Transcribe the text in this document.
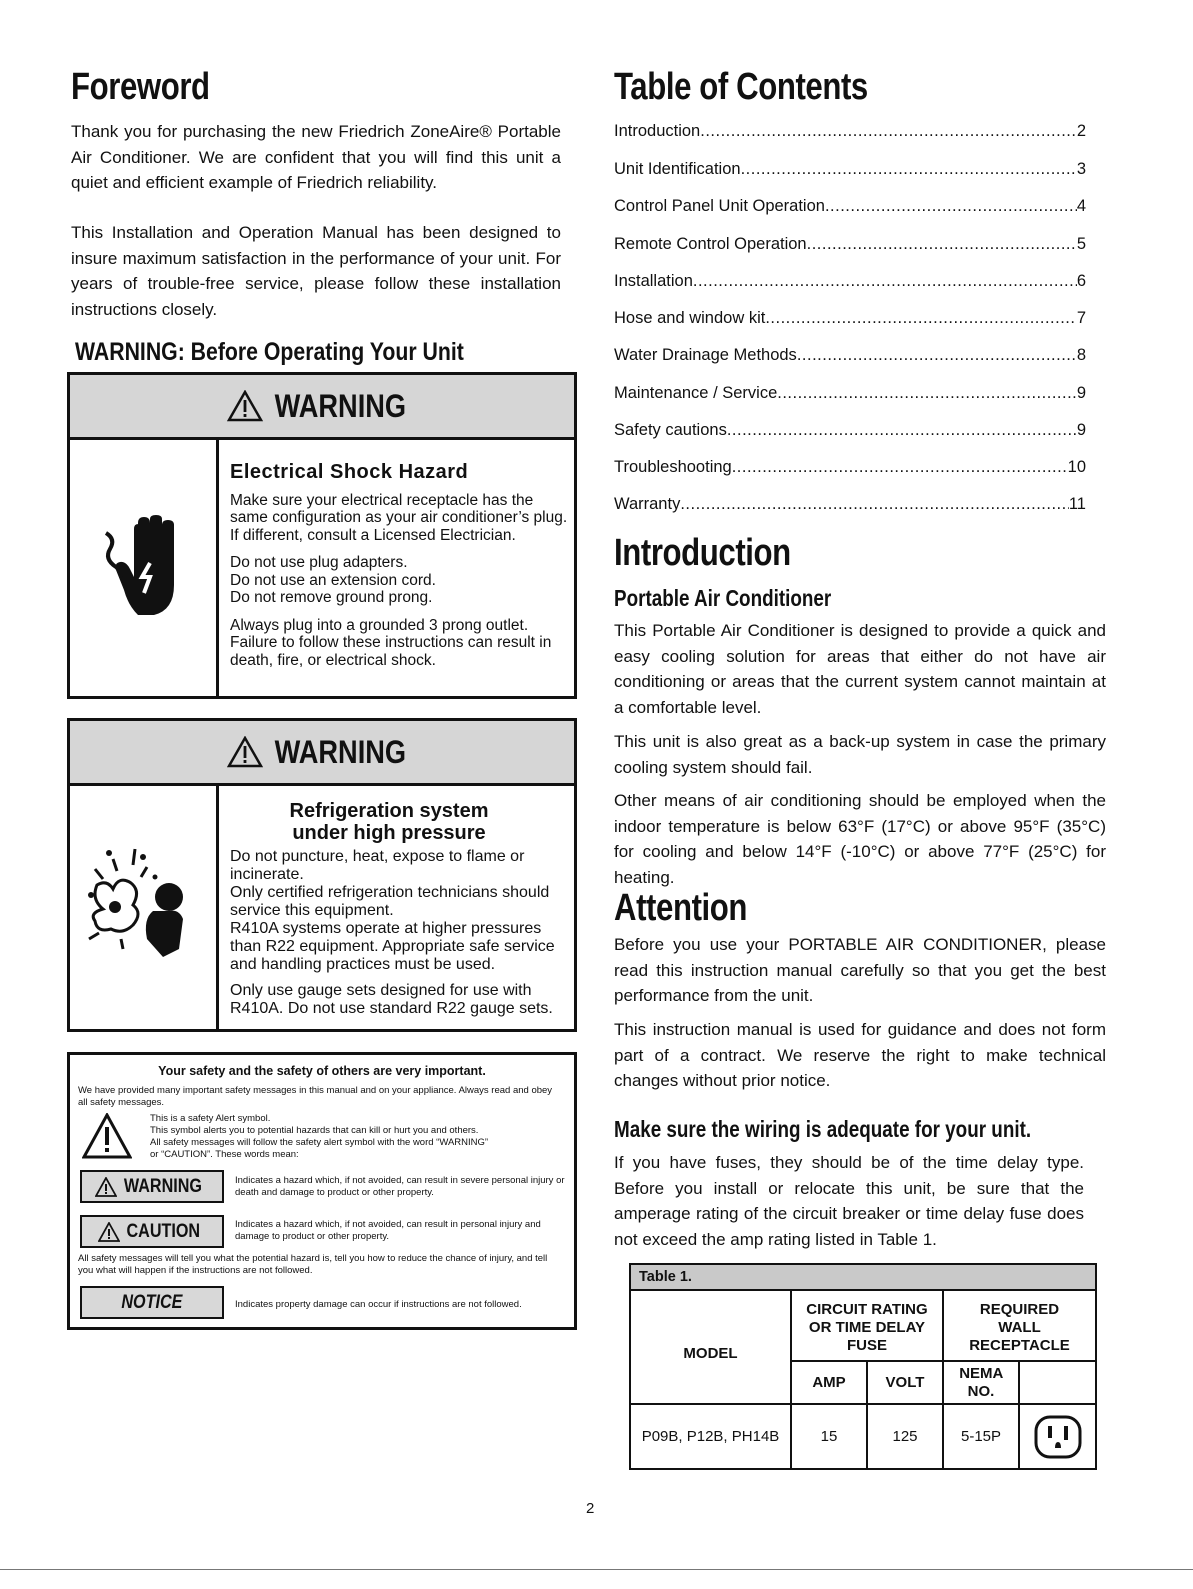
Foreword

Thank you for purchasing the new Friedrich ZoneAire® Portable Air Conditioner. We are confident that you will find this unit a quiet and efficient example of Friedrich reliability.

This Installation and Operation Manual has been designed to insure maximum satisfaction in the performance of your unit. For years of trouble-free service, please follow these installation instructions closely.

WARNING: Before Operating Your Unit
WARNING

Electrical Shock Hazard

Make sure your electrical receptacle has the same configuration as your air conditioner’s plug. If different, consult a Licensed Electrician.

Do not use plug adapters.

Do not use an extension cord.

Do not remove ground prong.

Always plug into a grounded 3 prong outlet. Failure to follow these instructions can result in death, fire, or electrical shock.

WARNING

Refrigeration system

under high pressure

Do not puncture, heat, expose to flame or incinerate.

Only certified refrigeration technicians should service this equipment.

R410A systems operate at higher pressures than R22 equipment. Appropriate safe service and handling practices must be used.

Only use gauge sets designed for use with R410A. Do not use standard R22 gauge sets.

Your safety and the safety of others are very important.
We have provided many important safety messages in this manual and on your appliance. Always read and obey all safety messages.
This is a safety Alert symbol.
This symbol alerts you to potential hazards that can kill or hurt you and others.
All safety messages will follow the safety alert symbol with the word “WARNING”
or “CAUTION”. These words mean:
WARNING	Indicates a hazard which, if not avoided, can result in severe personal injury or death and damage to product or other property.
CAUTION	Indicates a hazard which, if not avoided, can result in personal injury and damage to product or other property.
All safety messages will tell you what the potential hazard is, tell you how to reduce the chance of injury, and tell you what will happen if the instructions are not followed.
NOTICE	Indicates property damage can occur if instructions are not followed.
Table of Contents
Introduction .....	2
Unit Identification .....	3
Control Panel Unit Operation .....	4
Remote Control Operation .....	5
Installation .....	6
Hose and window kit .....	7
Water Drainage Methods .....	8
Maintenance / Service .....	9
Safety cautions .....	9
Troubleshooting .....	10
Warranty .....	11
Introduction
Portable Air Conditioner

This Portable Air Conditioner is designed to provide a quick and easy cooling solution for areas that either do not have air conditioning or areas that the current system cannot maintain at a comfortable level.

This unit is also great as a back-up system in case the primary cooling system should fail.

Other means of air conditioning should be employed when the indoor temperature is below 63°F (17°C) or above 95°F (35°C) for cooling and below 14°F (-10°C) or above 77°F (25°C) for heating.

Attention

Before you use your PORTABLE AIR CONDITIONER, please read this instruction manual carefully so that you get the best performance from the unit.

This instruction manual is used for guidance and does not form part of a contract. We reserve the right to make technical changes without prior notice.

Make sure the wiring is adequate for your unit.

If you have fuses, they should be of the time delay type. Before you install or relocate this unit, be sure that the amperage rating of the circuit breaker or time delay fuse does not exceed the amp rating listed in Table 1.

Table 1.
MODEL
CIRCUIT RATING OR TIME DELAY FUSE
REQUIRED WALL RECEPTACLE
AMP	VOLT
NEMA NO.
P09B, P12B, PH14B	15	125	5-15P
2
